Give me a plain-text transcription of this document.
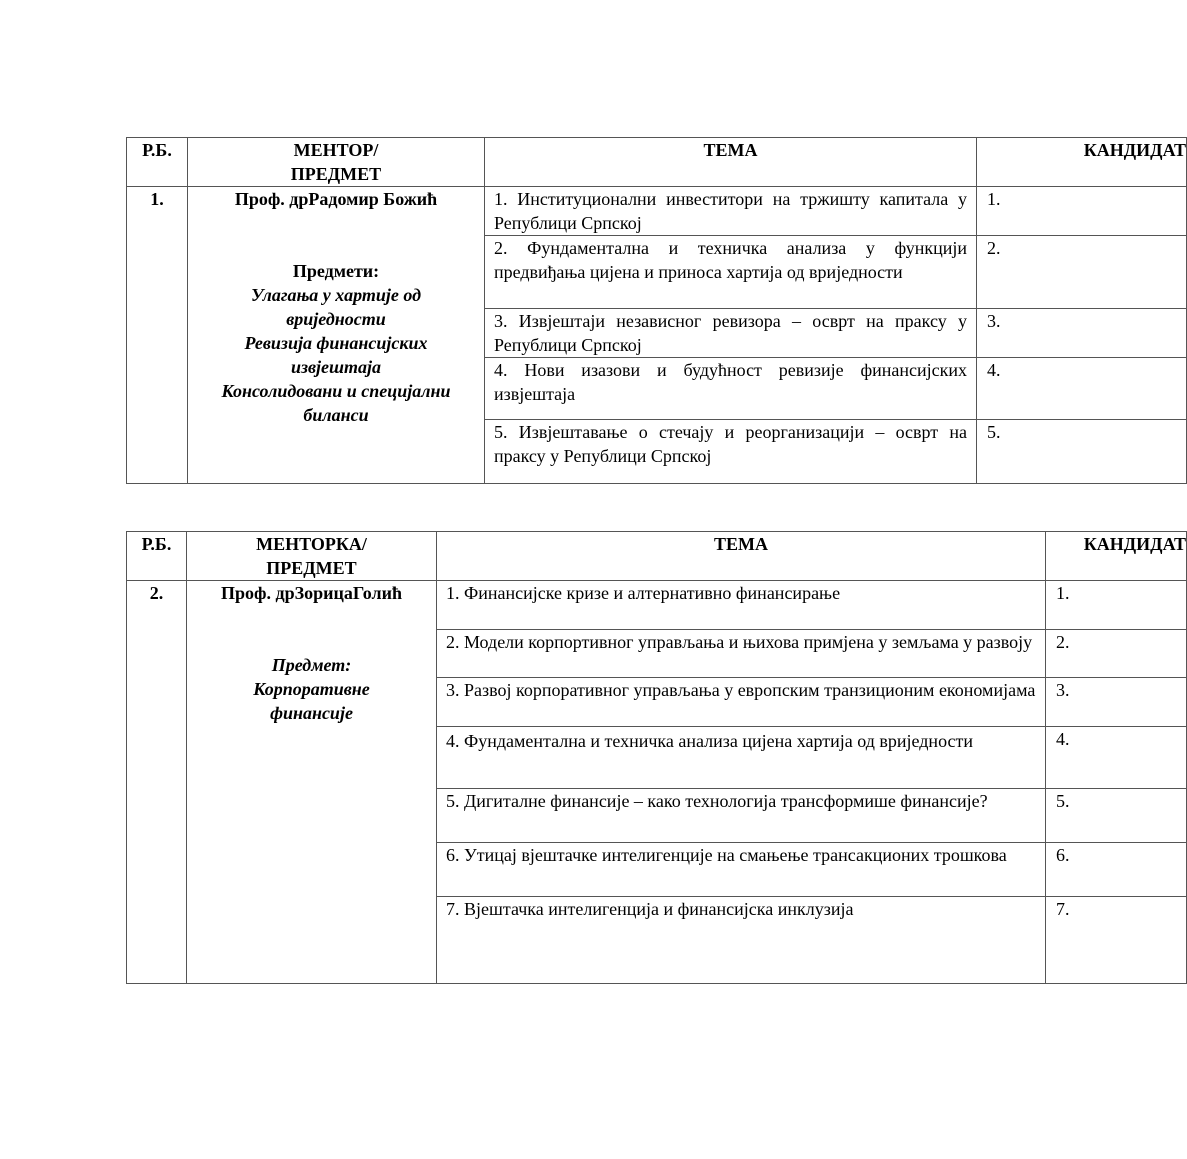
Р.Б.	МЕНТОР/
ПРЕДМЕТ	ТЕМА	КАНДИДАТ
1.	Проф. дрРадомир Божић
Предмети:
Улагања у хартије од вриједности
Ревизија финансијских извјештаја
Консолидовани и специјални биланси	1. Институционални инвеститори на тржишту капитала у Републици Српској	1.
		2. Фундаментална и техничка анализа у функцији предвиђања цијена и приноса хартија од вриједности	2.
		3. Извјештаји независног ревизора – осврт на праксу у Републици Српској	3.
		4. Нови изазови и будућност ревизије финансијских извјештаја	4.
		5. Извјештавање о стечају и реорганизацији – осврт на праксу у Републици Српској	5.
Р.Б.	МЕНТОРКА/
ПРЕДМЕТ	ТЕМА	КАНДИДАТ
2.	Проф. дрЗорицаГолић
Предмет:
Корпоративне финансије	1. Финансијске кризе и алтернативно финансирање	1.
		2. Модели корпортивног управљања и њихова примјена у земљама у развоју	2.
		3. Развој корпоративног управљања у европским транзиционим економијама	3.
		4. Фундаментална и техничка анализа цијена хартија од вриједности	4.
		5. Дигиталне финансије – како технологија трансформише финансије?	5.
		6. Утицај вјештачке интелигенције на смањење трансакционих трошкова	6.
		7. Вјештачка интелигенција и финансијска инклузија	7.
